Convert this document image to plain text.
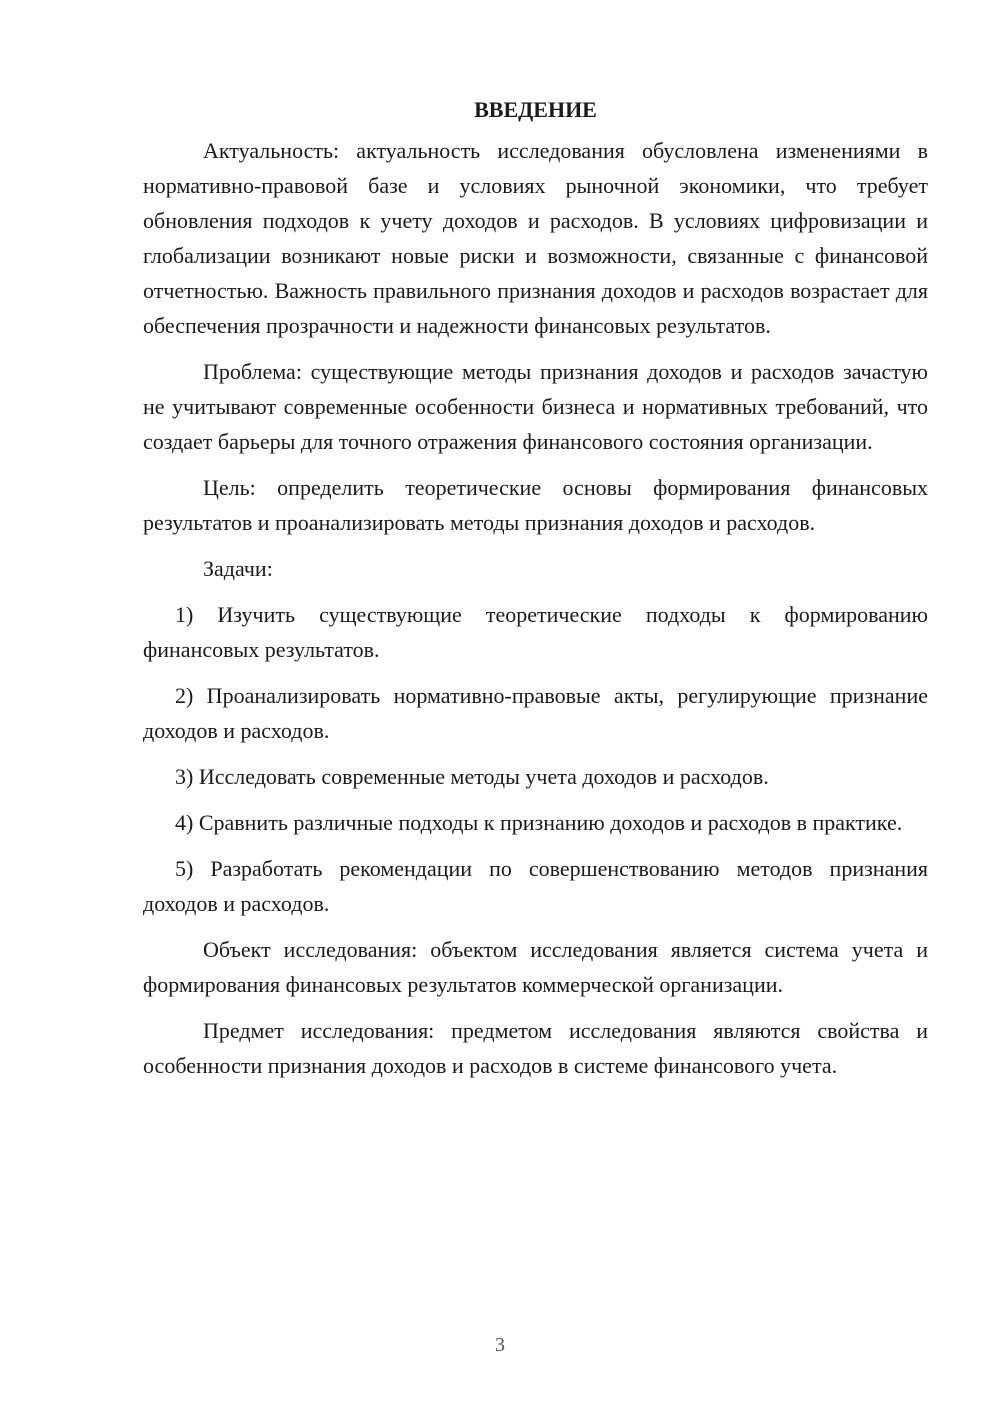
ВВЕДЕНИЕ

Актуальность: актуальность исследования обусловлена изменениями в нормативно-правовой базе и условиях рыночной экономики, что требует обновления подходов к учету доходов и расходов. В условиях цифровизации и глобализации возникают новые риски и возможности, связанные с финансовой отчетностью. Важность правильного признания доходов и расходов возрастает для обеспечения прозрачности и надежности финансовых результатов.

Проблема: существующие методы признания доходов и расходов зачастую не учитывают современные особенности бизнеса и нормативных требований, что создает барьеры для точного отражения финансового состояния организации.

Цель: определить теоретические основы формирования финансовых результатов и проанализировать методы признания доходов и расходов.

Задачи:

1) Изучить существующие теоретические подходы к формированию финансовых результатов.

2) Проанализировать нормативно-правовые акты, регулирующие признание доходов и расходов.

3) Исследовать современные методы учета доходов и расходов.

4) Сравнить различные подходы к признанию доходов и расходов в практике.

5) Разработать рекомендации по совершенствованию методов признания доходов и расходов.

Объект исследования: объектом исследования является система учета и формирования финансовых результатов коммерческой организации.

Предмет исследования: предметом исследования являются свойства и особенности признания доходов и расходов в системе финансового учета.

3
